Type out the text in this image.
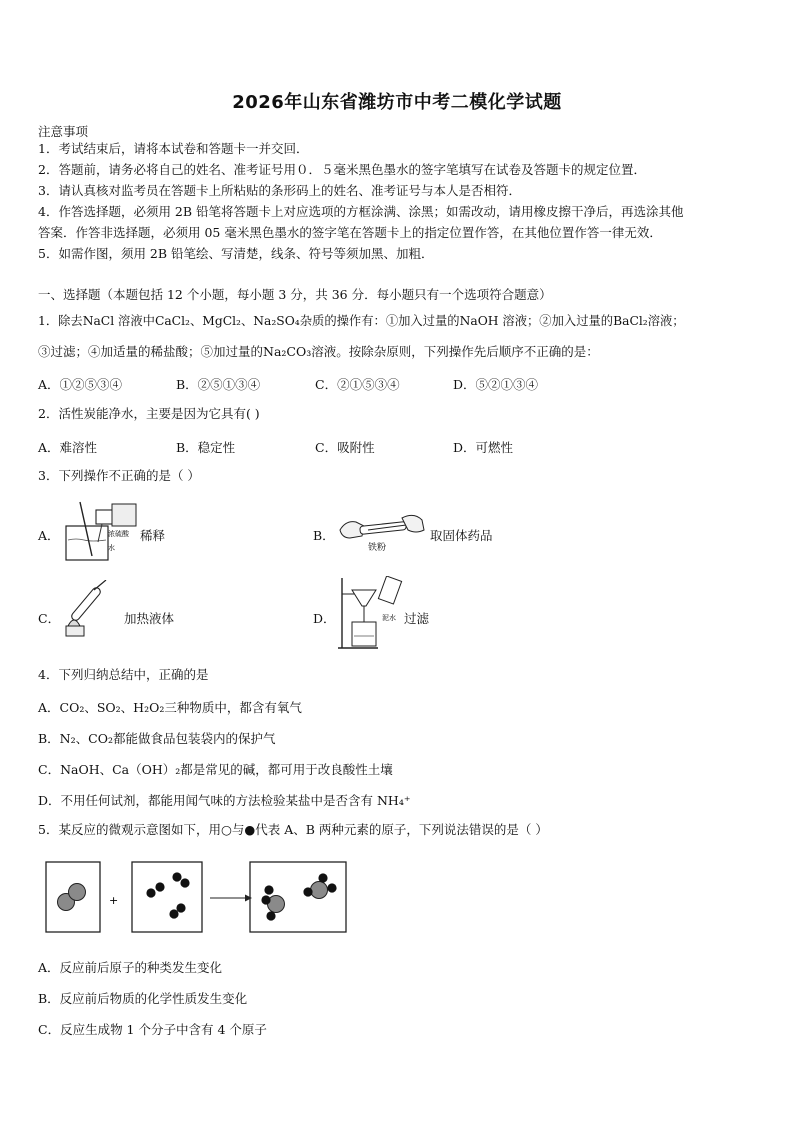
2026年山东省潍坊市中考二模化学试题
注意事项
1．考试结束后，请将本试卷和答题卡一并交回．
2．答题前，请务必将自己的姓名、准考证号用０．５毫米黑色墨水的签字笔填写在试卷及答题卡的规定位置．
3．请认真核对监考员在答题卡上所粘贴的条形码上的姓名、准考证号与本人是否相符．
4．作答选择题，必须用 2B 铅笔将答题卡上对应选项的方框涂满、涂黑；如需改动，请用橡皮擦干净后，再选涂其他
答案．作答非选择题，必须用 05 毫米黑色墨水的签字笔在答题卡上的指定位置作答，在其他位置作答一律无效．
5．如需作图，须用 2B 铅笔绘、写清楚，线条、符号等须加黑、加粗．
一、选择题（本题包括 12 个小题，每小题 3 分，共 36 分．每小题只有一个选项符合题意）
1．除去NaCl 溶液中CaCl₂、MgCl₂、Na₂SO₄杂质的操作有：①加入过量的NaOH 溶液；②加入过量的BaCl₂溶液；
③过滤；④加适量的稀盐酸；⑤加过量的Na₂CO₃溶液。按除杂原则，下列操作先后顺序不正确的是：
A．①②⑤③④	B．②⑤①③④	C．②①⑤③④	D．⑤②①③④
2．活性炭能净水，主要是因为它具有( )
A．难溶性	B．稳定性	C．吸附性	D．可燃性
3．下列操作不正确的是（ ）
A．	浓硫酸
水
稀释	B．
铁粉
取固体药品
C．	加热液体	D．	泥水 过滤
4．下列归纳总结中，正确的是
A．CO₂、SO₂、H₂O₂三种物质中，都含有氧气
B．N₂、CO₂都能做食品包装袋内的保护气
C．NaOH、Ca（OH）₂都是常见的碱，都可用于改良酸性土壤
D．不用任何试剂，都能用闻气味的方法检验某盐中是否含有 NH₄⁺
5．某反应的微观示意图如下，用○与●代表 A、B 两种元素的原子，下列说法错误的是（ ）
+
A．反应前后原子的种类发生变化
B．反应前后物质的化学性质发生变化
C．反应生成物 1 个分子中含有 4 个原子
